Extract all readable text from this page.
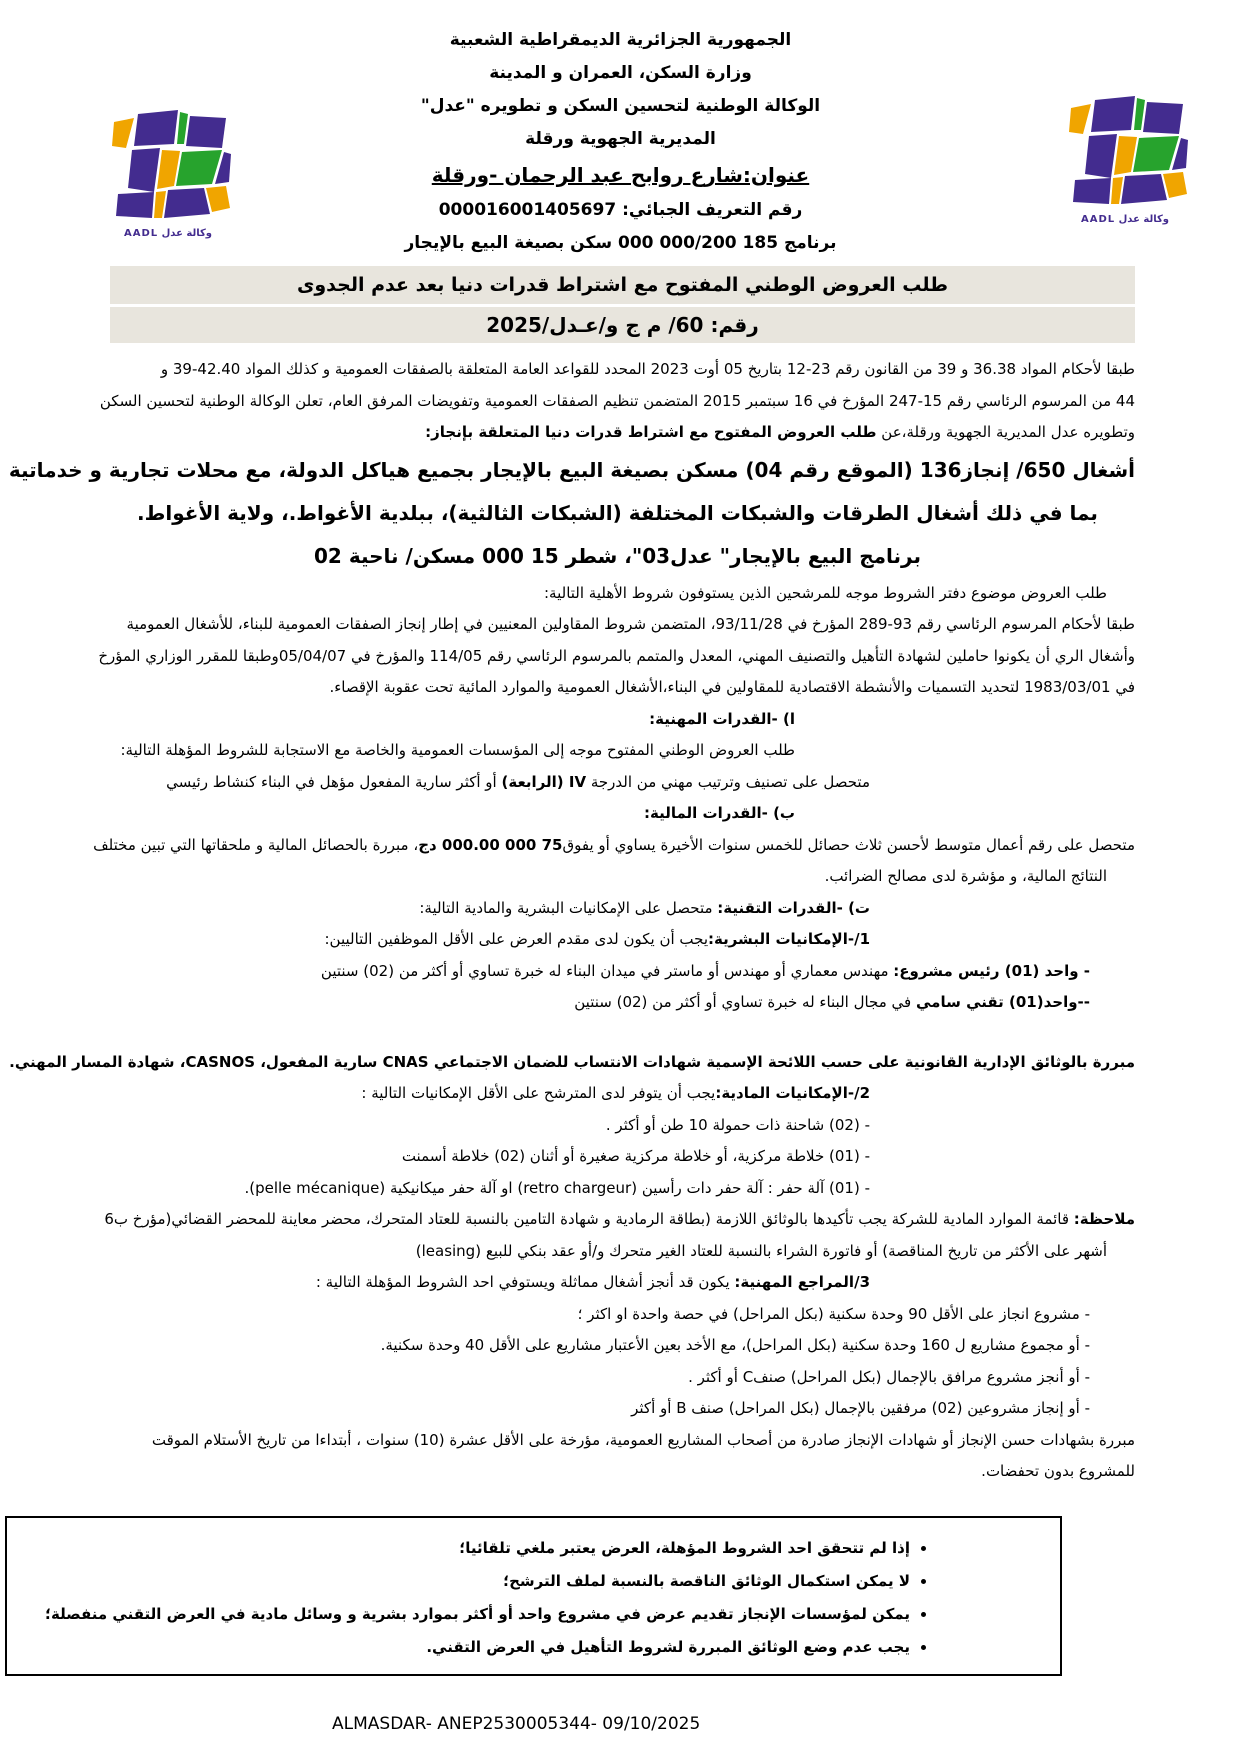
وكالة عدل AADL
وكالة عدل AADL
الجمهورية الجزائرية الديمقراطية الشعبية
وزارة السكن، العمران و المدينة
الوكالة الوطنية لتحسين السكن و تطويره "عدل"
المديرية الجهوية ورقلة
عنوان:شارع روابح عبد الرحمان -ورقلة
رقم التعريف الجبائي: 000016001405697
برنامج 185 000/200 000 سكن بصيغة البيع بالإيجار
طلب العروض الوطني المفتوح مع اشتراط قدرات دنيا بعد عدم الجدوى
رقم: 60/ م ج و/عـدل/2025
طبقا لأحكام المواد 36.38 و 39 من القانون رقم 23-12 بتاريخ 05 أوت 2023 المحدد للقواعد العامة المتعلقة بالصفقات العمومية و كذلك المواد 42.40-39 و
44 من المرسوم الرئاسي رقم 15-247 المؤرخ في 16 سبتمبر 2015 المتضمن تنظيم الصفقات العمومية وتفويضات المرفق العام، تعلن الوكالة الوطنية لتحسين السكن
وتطويره عدل المديرية الجهوية ورقلة،عن طلب العروض المفتوح مع اشتراط قدرات دنيا المتعلقة بإنجاز:
أشغال 650/ إنجاز136 (الموقع رقم 04) مسكن بصيغة البيع بالإيجار بجميع هياكل الدولة، مع محلات تجارية و خدماتية
بما في ذلك أشغال الطرقات والشبكات المختلفة (الشبكات الثالثية)، ببلدية الأغواط.، ولاية الأغواط.
برنامج البيع بالإيجار" عدل03"، شطر 15 000 مسكن/ ناحية 02
طلب العروض موضوع دفتر الشروط موجه للمرشحين الذين يستوفون شروط الأهلية التالية:
طبقا لأحكام المرسوم الرئاسي رقم 93-289 المؤرخ في 93/11/28، المتضمن شروط المقاولين المعنيين في إطار إنجاز الصفقات العمومية للبناء، للأشغال العمومية
وأشغال الري أن يكونوا حاملين لشهادة التأهيل والتصنيف المهني، المعدل والمتمم بالمرسوم الرئاسي رقم 114/05 والمؤرخ في 05/04/07وطبقا للمقرر الوزاري المؤرخ
في 1983/03/01 لتحديد التسميات والأنشطة الاقتصادية للمقاولين في البناء،الأشغال العمومية والموارد المائية تحت عقوبة الإقصاء.
ا) -القدرات المهنية:
طلب العروض الوطني المفتوح موجه إلى المؤسسات العمومية والخاصة مع الاستجابة للشروط المؤهلة التالية:
متحصل على تصنيف وترتيب مهني من الدرجة IV (الرابعة) أو أكثر سارية المفعول مؤهل في البناء كنشاط رئيسي
ب) -القدرات المالية:
متحصل على رقم أعمال متوسط لأحسن ثلاث حصائل للخمس سنوات الأخيرة يساوي أو يفوق75 000 000.00 دج، مبررة بالحصائل المالية و ملحقاتها التي تبين مختلف
النتائج المالية، و مؤشرة لدى مصالح الضرائب.
ت) -القدرات التقنية: متحصل على الإمكانيات البشرية والمادية التالية:
1/-الإمكانيات البشرية:يجب أن يكون لدى مقدم العرض على الأقل الموظفين التاليين:
- واحد (01) رئيس مشروع: مهندس معماري أو مهندس أو ماستر في ميدان البناء له خبرة تساوي أو أكثر من (02) سنتين
--واحد(01) تقني سامي في مجال البناء له خبرة تساوي أو أكثر من (02) سنتين
مبررة بالوثائق الإدارية القانونية على حسب اللائحة الإسمية شهادات الانتساب للضمان الاجتماعي CNAS سارية المفعول، CASNOS، شهادة المسار المهني.
2/-الإمكانيات المادية:يجب أن يتوفر لدى المترشح على الأقل الإمكانيات التالية :
- (02) شاحنة ذات حمولة 10 طن أو أكثر .
- (01) خلاطة مركزية، أو خلاطة مركزية صغيرة أو أثنان (02) خلاطة أسمنت
- (01) آلة حفر : آلة حفر دات رأسين (retro chargeur) او آلة حفر ميكانيكية (pelle mécanique).
ملاحظة: قائمة الموارد المادية للشركة يجب تأكيدها بالوثائق اللازمة (بطاقة الرمادية و شهادة التامين بالنسبة للعتاد المتحرك، محضر معاينة للمحضر القضائي(مؤرخ ب6
أشهر على الأكثر من تاريخ المناقصة) أو فاتورة الشراء بالنسبة للعتاد الغير متحرك و/أو عقد بنكي للبيع (leasing)
3/المراجع المهنية: يكون قد أنجز أشغال مماثلة ويستوفي احد الشروط المؤهلة التالية :
- مشروع انجاز على الأقل 90 وحدة سكنية (بكل المراحل) في حصة واحدة او اكثر ؛
- أو مجموع مشاريع ل 160 وحدة سكنية (بكل المراحل)، مع الأخد بعين الأعتبار مشاريع على الأقل 40 وحدة سكنية.
- أو أنجز مشروع مرافق بالإجمال (بكل المراحل) صنفC أو أكثر .
- أو إنجاز مشروعين (02) مرفقين بالإجمال (بكل المراحل) صنف B أو أكثر
مبررة بشهادات حسن الإنجاز أو شهادات الإنجاز صادرة من أصحاب المشاريع العمومية، مؤرخة على الأقل عشرة (10) سنوات ، أبتداءا من تاريخ الأستلام الموقت
للمشروع بدون تحفضات.
• إذا لم تتحقق احد الشروط المؤهلة، العرض يعتبر ملغي تلقائيا؛
• لا يمكن استكمال الوثائق الناقصة بالنسبة لملف الترشح؛
• يمكن لمؤسسات الإنجاز تقديم عرض في مشروع واحد أو أكثر بموارد بشرية و وسائل مادية في العرض التقني منفصلة؛
• يجب عدم وضع الوثائق المبررة لشروط التأهيل في العرض التقني.
ALMASDAR- ANEP2530005344- 09/10/2025
